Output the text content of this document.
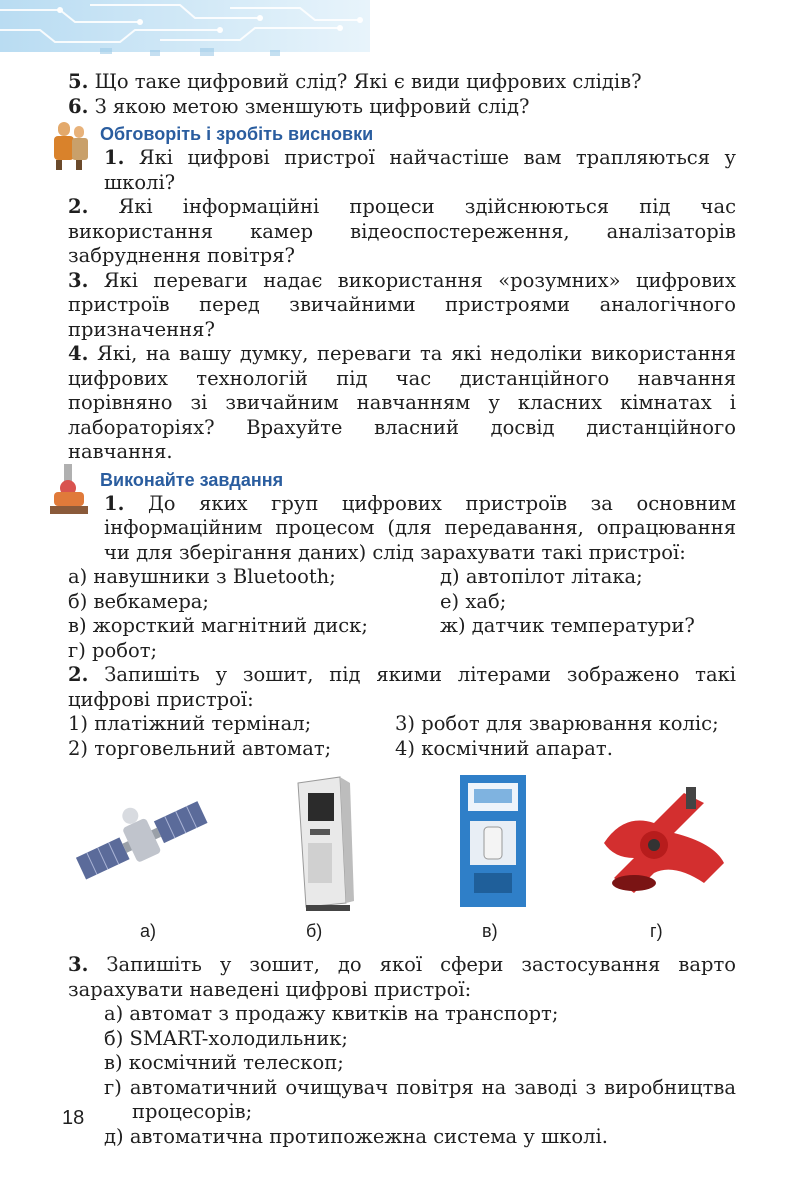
5. Що таке цифровий слід? Які є види цифрових слідів?

6. З якою метою зменшують цифровий слід?

Обговоріть і зробіть висновки

1. Які цифрові пристрої найчастіше вам трапляються у школі?

2. Які інформаційні процеси здійснюються під час використання камер відеоспостереження, аналізаторів забруднення повітря?

3. Які переваги надає використання «розумних» цифрових пристроїв перед звичайними пристроями аналогічного призначення?

4. Які, на вашу думку, переваги та які недоліки використання цифрових технологій під час дистанційного навчання порівняно зі звичайним навчанням у класних кімнатах і лабораторіях? Врахуйте власний досвід дистанційного навчання.

Виконайте завдання

1. До яких груп цифрових пристроїв за основним інформаційним процесом (для передавання, опрацювання чи для зберігання даних) слід зарахувати такі пристрої:

а) навушники з Bluetooth;	д) автопілот літака;
б) вебкамера;	е) хаб;
в) жорсткий магнітний диск;	ж) датчик температури?
г) робот;

2. Запишіть у зошит, під якими літерами зображено такі цифрові пристрої:

1) платіжний термінал;	3) робот для зварювання коліс;
2) торговельний автомат;	4) космічний апарат.
а)	б)	в)	г)

3. Запишіть у зошит, до якої сфери застосування варто зарахувати наведені цифрові пристрої:

а) автомат з продажу квитків на транспорт;
б) SMART-холодильник;
в) космічний телескоп;
г) автоматичний очищувач повітря на заводі з виробництва процесорів;
д) автоматична протипожежна система у школі.
18
